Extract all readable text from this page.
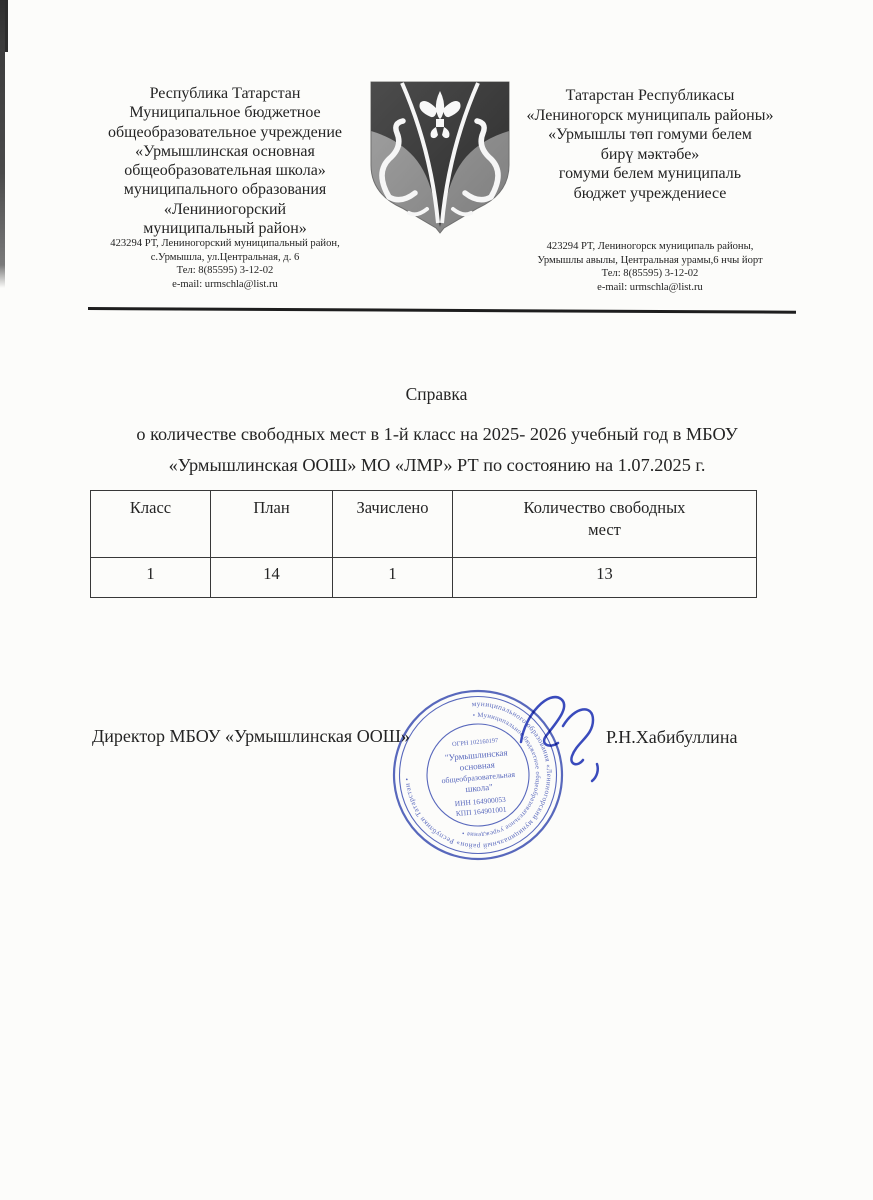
Республика Татарстан
Муниципальное бюджетное
общеобразовательное учреждение
«Урмышлинская основная
общеобразовательная школа»
муниципального образования
«Лениниогорский
муниципальный район»
423294 РТ, Лениногорский муниципальный район,
с.Урмышла, ул.Центральная, д. 6
Тел: 8(85595) 3-12-02
e-mail: urmschla@list.ru
Татарстан Республикасы
«Лениногорск муниципаль районы»
«Урмышлы төп гомуми белем
бирү мәктәбе»
гомуми белем муниципаль
бюджет учреждениесе
423294 РТ, Лениногорск муниципаль районы,
Урмышлы авылы, Центральная урамы,6 нчы йорт
Тел: 8(85595) 3-12-02
e-mail: urmschla@list.ru
Справка
о количестве свободных мест в 1-й класс на 2025- 2026 учебный год в МБОУ
«Урмышлинская ООШ» МО «ЛМР» РТ по состоянию на 1.07.2025 г.
Класс	План	Зачислено	Количество свободных мест
1	14	1	13
Директор МБОУ «Урмышлинская ООШ»	Р.Н.Хабибуллина
муниципального образования «Лениногорский муниципальный район» Республики Татарстан •
• Муниципальное бюджетное общеобразовательное учреждение •
ОГРН 102160197
"Урмышлинская
основная
общеобразовательная
школа"
ИНН 164900053
КПП 164901001
